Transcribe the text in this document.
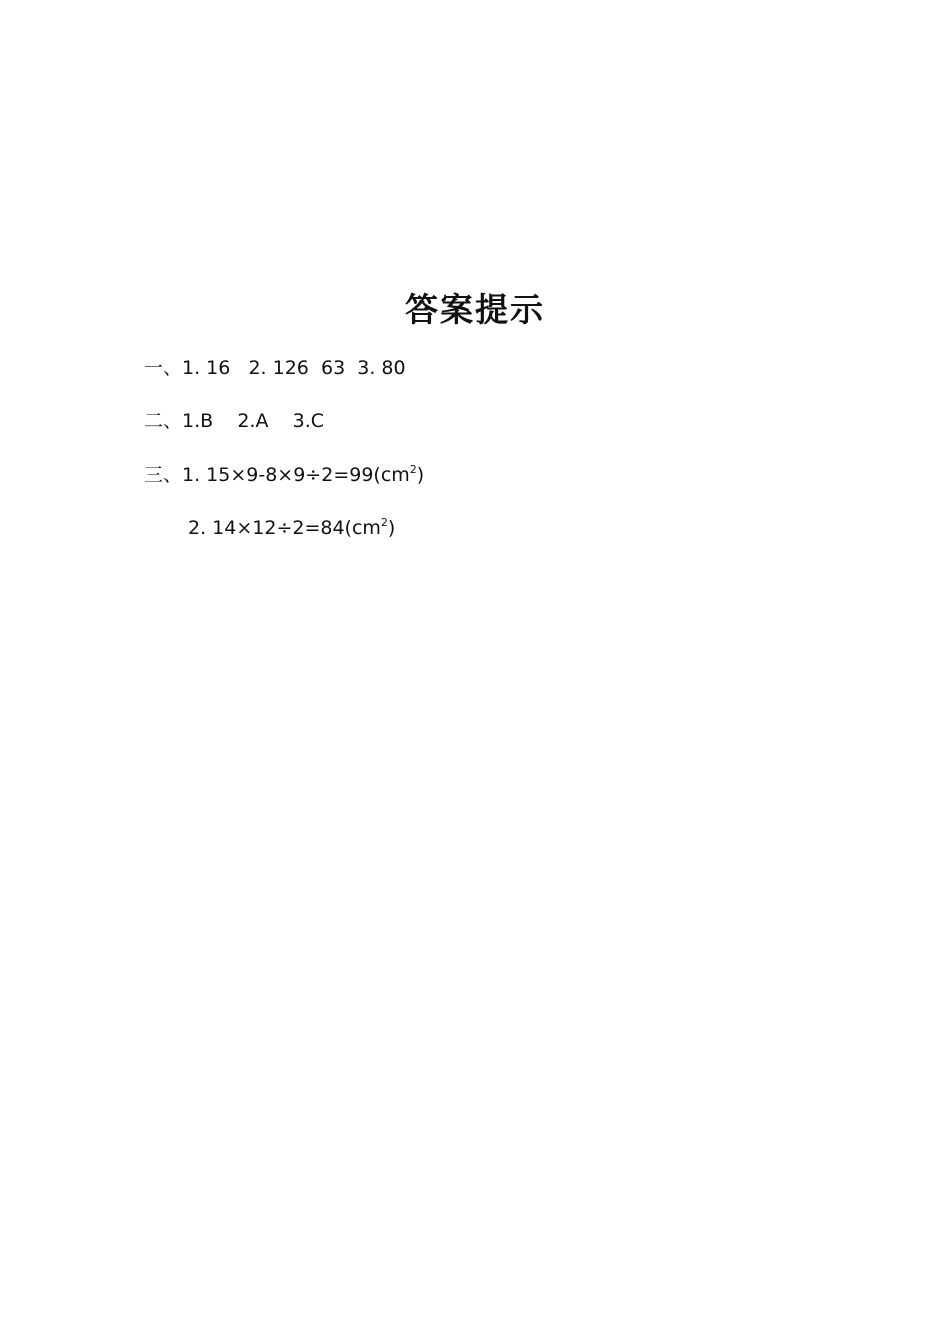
答案提示
一、1. 16   2. 126  63  3. 80
二、1.B    2.A    3.C
三、1. $15\times 9-8\times 9\div 2=99(cm^2)$
2. $14\times 12\div 2=84(cm^2)$
